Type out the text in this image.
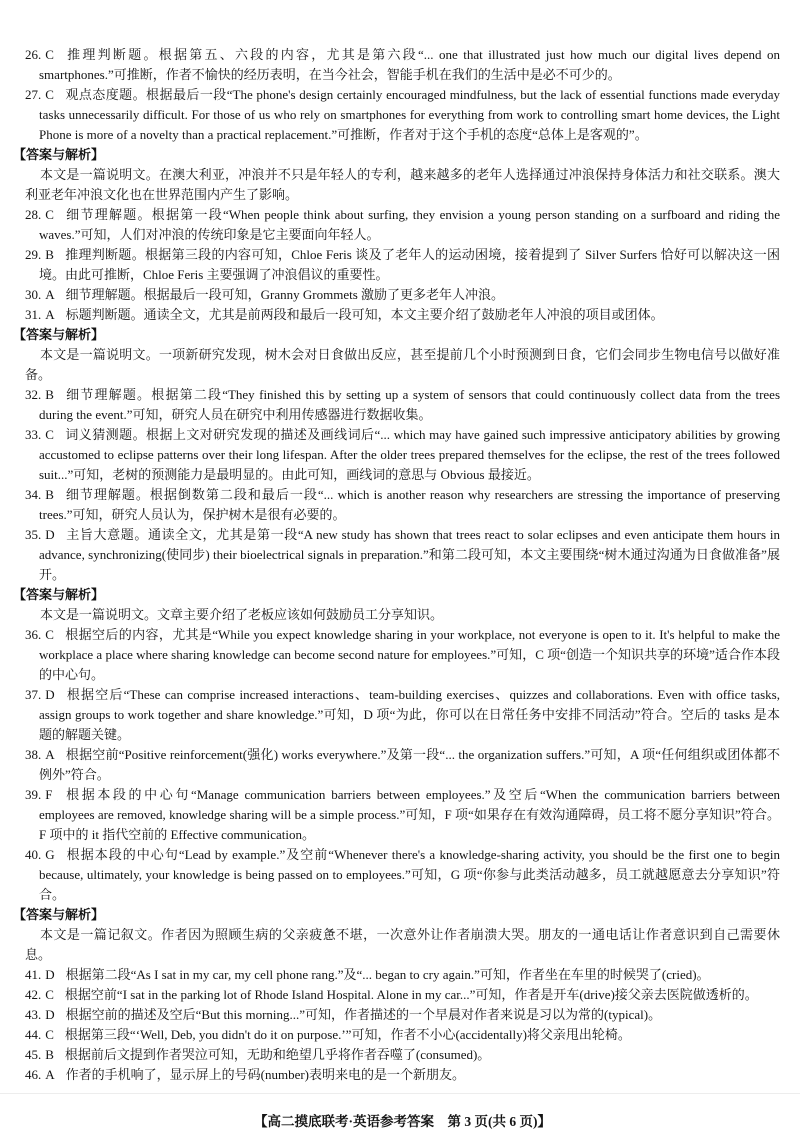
26. C 推理判断题。根据第五、六段的内容，尤其是第六段“... one that illustrated just how much our digital lives depend on smartphones.”可推断，作者不愉快的经历表明，在当今社会，智能手机在我们的生活中是必不可少的。
27. C 观点态度题。根据最后一段“The phone's design certainly encouraged mindfulness, but the lack of essential functions made everyday tasks unnecessarily difficult. For those of us who rely on smartphones for everything from work to controlling smart home devices, the Light Phone is more of a novelty than a practical replacement.”可推断，作者对于这个手机的态度“总体上是客观的”。
【答案与解析】

本文是一篇说明文。在澳大利亚，冲浪并不只是年轻人的专利，越来越多的老年人选择通过冲浪保持身体活力和社交联系。澳大利亚老年冲浪文化也在世界范围内产生了影响。

28. C 细节理解题。根据第一段“When people think about surfing, they envision a young person standing on a surfboard and riding the waves.”可知，人们对冲浪的传统印象是它主要面向年轻人。
29. B 推理判断题。根据第三段的内容可知，Chloe Feris 谈及了老年人的运动困境，接着提到了 Silver Surfers 恰好可以解决这一困境。由此可推断，Chloe Feris 主要强调了冲浪倡议的重要性。
30. A 细节理解题。根据最后一段可知，Granny Grommets 激励了更多老年人冲浪。
31. A 标题判断题。通读全文，尤其是前两段和最后一段可知，本文主要介绍了鼓励老年人冲浪的项目或团体。
【答案与解析】

本文是一篇说明文。一项新研究发现，树木会对日食做出反应，甚至提前几个小时预测到日食，它们会同步生物电信号以做好准备。

32. B 细节理解题。根据第二段“They finished this by setting up a system of sensors that could continuously collect data from the trees during the event.”可知，研究人员在研究中利用传感器进行数据收集。
33. C 词义猜测题。根据上文对研究发现的描述及画线词后“... which may have gained such impressive anticipatory abilities by growing accustomed to eclipse patterns over their long lifespan. After the older trees prepared themselves for the eclipse, the rest of the trees followed suit...”可知，老树的预测能力是最明显的。由此可知，画线词的意思与 Obvious 最接近。
34. B 细节理解题。根据倒数第二段和最后一段“... which is another reason why researchers are stressing the importance of preserving trees.”可知，研究人员认为，保护树木是很有必要的。
35. D 主旨大意题。通读全文，尤其是第一段“A new study has shown that trees react to solar eclipses and even anticipate them hours in advance, synchronizing(使同步) their bioelectrical signals in preparation.”和第二段可知，本文主要围绕“树木通过沟通为日食做准备”展开。
【答案与解析】

本文是一篇说明文。文章主要介绍了老板应该如何鼓励员工分享知识。

36. C 根据空后的内容，尤其是“While you expect knowledge sharing in your workplace, not everyone is open to it. It's helpful to make the workplace a place where sharing knowledge can become second nature for employees.”可知，C 项“创造一个知识共享的环境”适合作本段的中心句。
37. D 根据空后“These can comprise increased interactions、team-building exercises、quizzes and collaborations. Even with office tasks, assign groups to work together and share knowledge.”可知，D 项“为此，你可以在日常任务中安排不同活动”符合。空后的 tasks 是本题的解题关键。
38. A 根据空前“Positive reinforcement(强化) works everywhere.”及第一段“... the organization suffers.”可知，A 项“任何组织或团体都不例外”符合。
39. F 根据本段的中心句“Manage communication barriers between employees.”及空后“When the communication barriers between employees are removed, knowledge sharing will be a simple process.”可知，F 项“如果存在有效沟通障碍，员工将不愿分享知识”符合。F 项中的 it 指代空前的 Effective communication。
40. G 根据本段的中心句“Lead by example.”及空前“Whenever there's a knowledge-sharing activity, you should be the first one to begin because, ultimately, your knowledge is being passed on to employees.”可知，G 项“你参与此类活动越多，员工就越愿意去分享知识”符合。
【答案与解析】

本文是一篇记叙文。作者因为照顾生病的父亲疲惫不堪，一次意外让作者崩溃大哭。朋友的一通电话让作者意识到自己需要休息。

41. D 根据第二段“As I sat in my car, my cell phone rang.”及“... began to cry again.”可知，作者坐在车里的时候哭了(cried)。
42. C 根据空前“I sat in the parking lot of Rhode Island Hospital. Alone in my car...”可知，作者是开车(drive)接父亲去医院做透析的。
43. D 根据空前的描述及空后“But this morning...”可知，作者描述的一个早晨对作者来说是习以为常的(typical)。
44. C 根据第三段“‘Well, Deb, you didn't do it on purpose.’”可知，作者不小心(accidentally)将父亲甩出轮椅。
45. B 根据前后文提到作者哭泣可知，无助和绝望几乎将作者吞噬了(consumed)。
46. A 作者的手机响了，显示屏上的号码(number)表明来电的是一个新朋友。
【高二摸底联考·英语参考答案　第 3 页(共 6 页)】
